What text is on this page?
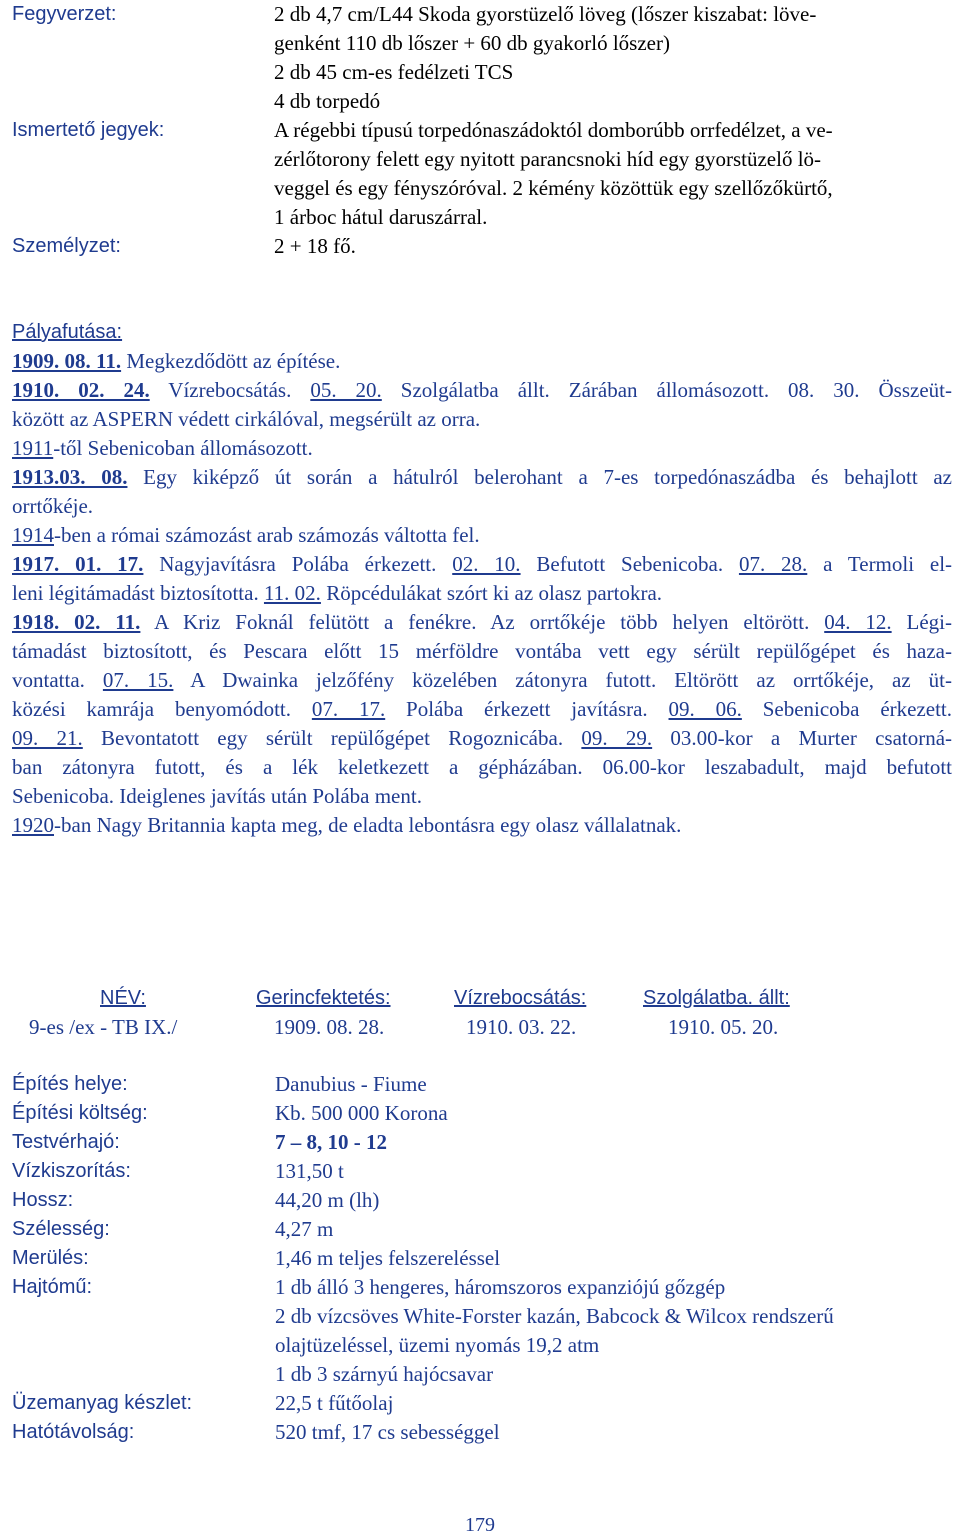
Fegyverzet:	2 db 4,7 cm/L44 Skoda gyorstüzelő löveg (lőszer kiszabat: löve-
genként 110 db lőszer + 60 db gyakorló lőszer)
2 db 45 cm-es fedélzeti TCS
4 db torpedó
Ismertető jegyek:	A régebbi típusú torpedónaszádoktól domborúbb orrfedélzet, a ve-
zérlőtorony felett egy nyitott parancsnoki híd egy gyorstüzelő lö-
veggel és egy fényszóróval. 2 kémény közöttük egy szellőzőkürtő,
1 árboc hátul daruszárral.
Személyzet:	2 + 18 fő.
Pályafutása:
1909. 08. 11. Megkezdődött az építése.
1910. 02. 24. Vízrebocsátás. 05. 20. Szolgálatba állt. Zárában állomásozott. 08. 30. Összeüt-
között az ASPERN védett cirkálóval, megsérült az orra.
1911-től Sebenicoban állomásozott.
1913.03. 08. Egy kiképző út során a hátulról belerohant a 7-es torpedónaszádba és behajlott az
orrtőkéje.
1914-ben a római számozást arab számozás váltotta fel.
1917. 01. 17. Nagyjavításra Polába érkezett. 02. 10. Befutott Sebenicoba. 07. 28. a Termoli el-
leni légitámadást biztosította. 11. 02. Röpcédulákat szórt ki az olasz partokra.
1918. 02. 11. A Kriz Foknál felütött a fenékre. Az orrtőkéje több helyen eltörött. 04. 12. Légi-
támadást biztosított, és Pescara előtt 15 mérföldre vontába vett egy sérült repülőgépet és haza-
vontatta. 07. 15. A Dwainka jelzőfény közelében zátonyra futott. Eltörött az orrtőkéje, az üt-
közési kamrája benyomódott. 07. 17. Polába érkezett javításra. 09. 06. Sebenicoba érkezett.
09. 21. Bevontatott egy sérült repülőgépet Rogoznicába. 09. 29. 03.00-kor a Murter csatorná-
ban zátonyra futott, és a lék keletkezett a gépházában. 06.00-kor leszabadult, majd befutott
Sebenicoba. Ideiglenes javítás után Polába ment.
1920-ban Nagy Britannia kapta meg, de eladta lebontásra egy olasz vállalatnak.
NÉV:	Gerincfektetés:	Vízrebocsátás:	Szolgálatba. állt:
9-es /ex - TB IX./	1909. 08. 28.	1910. 03. 22.	1910. 05. 20.
Építés helye:	Danubius - Fiume
Építési költség:	Kb. 500 000 Korona
Testvérhajó:	7 – 8, 10 - 12
Vízkiszorítás:	131,50 t
Hossz:	44,20 m (lh)
Szélesség:	4,27 m
Merülés:	1,46 m teljes felszereléssel
Hajtómű:	1 db álló 3 hengeres, háromszoros expanziójú gőzgép
2 db vízcsöves White-Forster kazán, Babcock & Wilcox rendszerű
olajtüzeléssel, üzemi nyomás 19,2 atm
1 db 3 szárnyú hajócsavar
Üzemanyag készlet:	22,5 t fűtőolaj
Hatótávolság:	520 tmf, 17 cs sebességgel
179
